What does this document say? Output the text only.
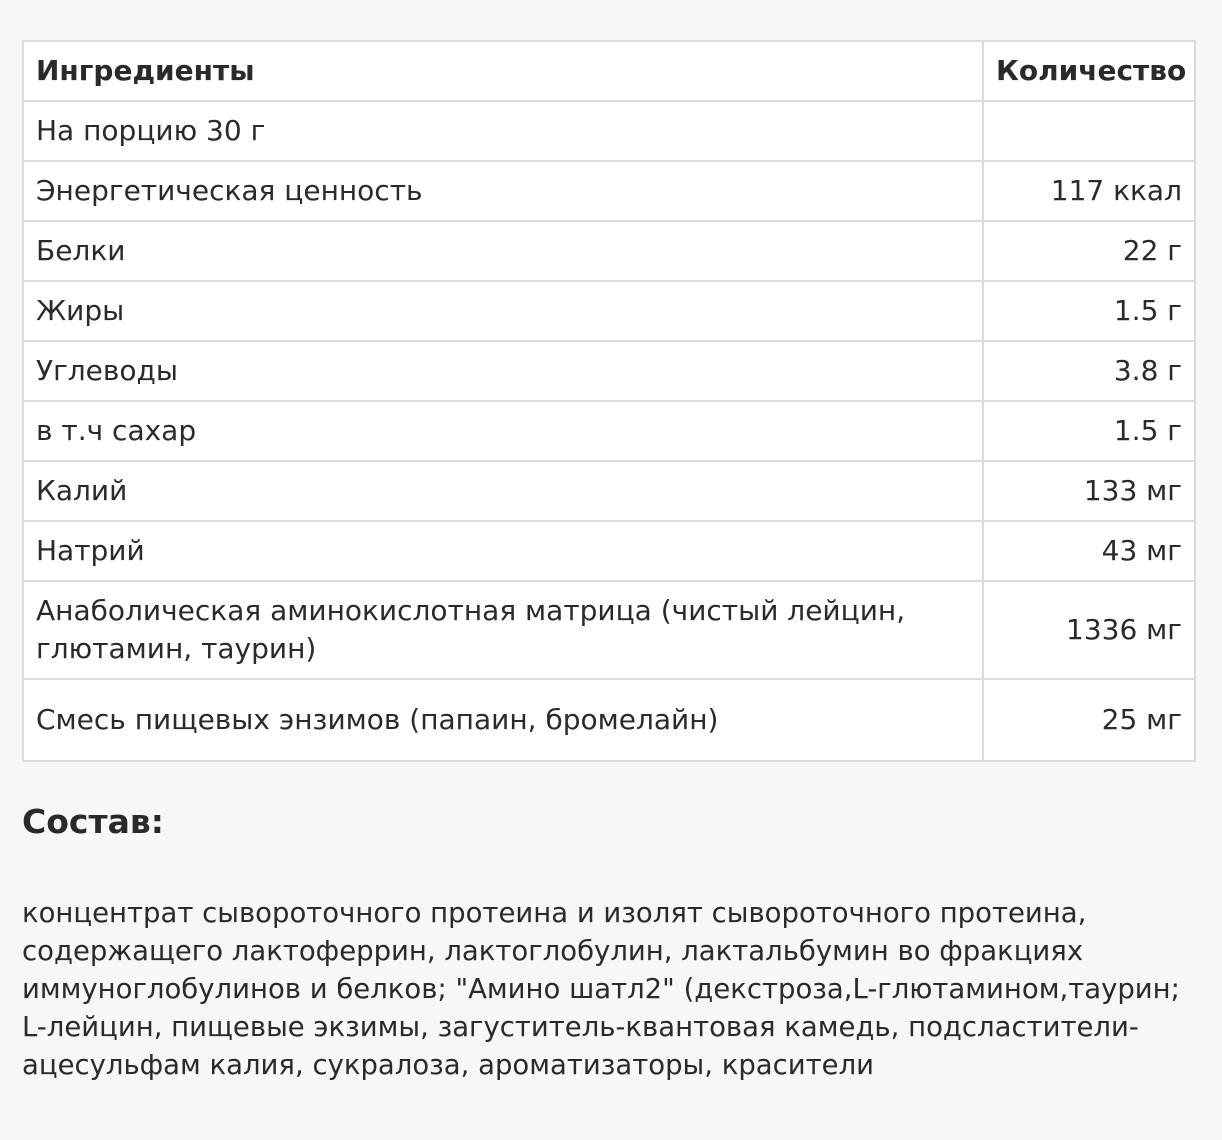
Ингредиенты	Количество
На порцию 30 г	
Энергетическая ценность	117 ккал
Белки	22 г
Жиры	1.5 г
Углеводы	3.8 г
в т.ч сахар	1.5 г
Калий	133 мг
Натрий	43 мг
Анаболическая аминокислотная матрица (чистый лейцин, глютамин, таурин)	1336 мг
Смесь пищевых энзимов (папаин, бромелайн)	25 мг
Состав:

концентрат сывороточного протеина и изолят сывороточного протеина, содержащего лактоферрин, лактоглобулин, лактальбумин во фракциях иммуноглобулинов и белков; "Амино шатл2" (декстроза,L-глютамином,таурин; L-лейцин, пищевые экзимы, загуститель-квантовая камедь, подсластители-ацесульфам калия, сукралоза, ароматизаторы, красители
